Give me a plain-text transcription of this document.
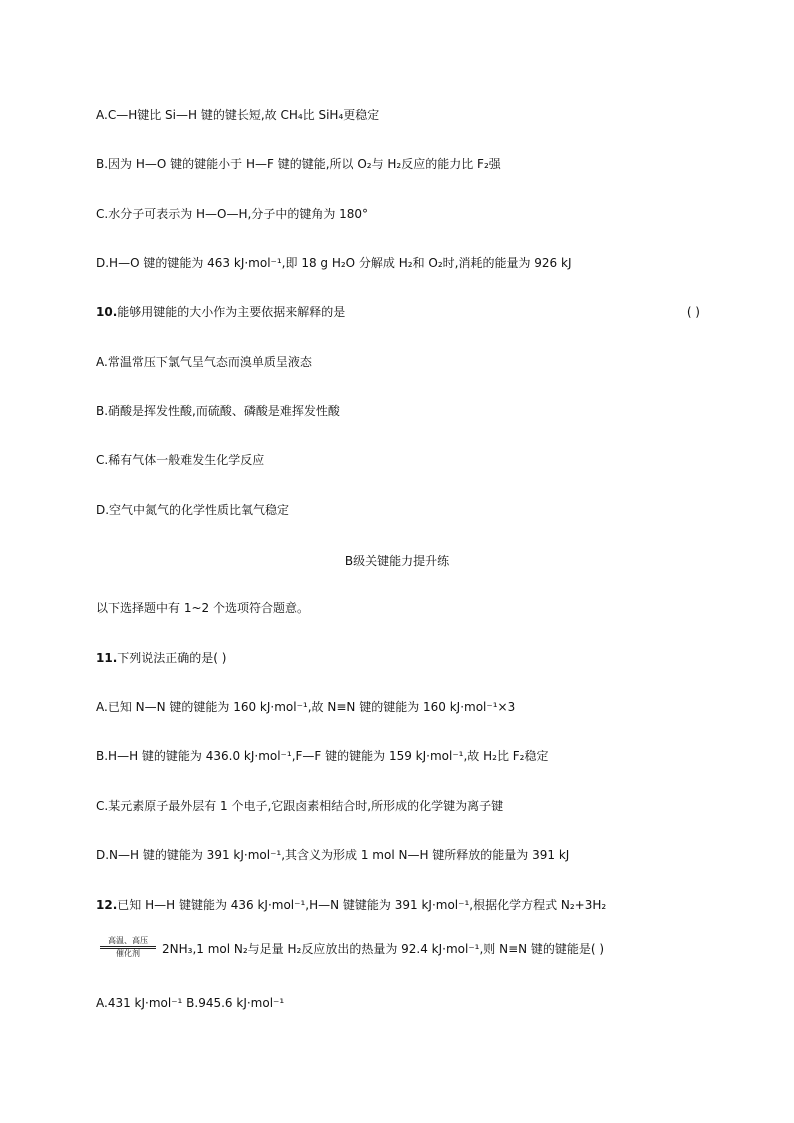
A.C—H键比 Si—H 键的键长短,故 CH₄比 SiH₄更稳定
B.因为 H—O 键的键能小于 H—F 键的键能,所以 O₂与 H₂反应的能力比 F₂强
C.水分子可表示为 H—O—H,分子中的键角为 180°
D.H—O 键的键能为 463 kJ·mol⁻¹,即 18 g H₂O 分解成 H₂和 O₂时,消耗的能量为 926 kJ
10.能够用键能的大小作为主要依据来解释的是	( )
A.常温常压下氯气呈气态而溴单质呈液态
B.硝酸是挥发性酸,而硫酸、磷酸是难挥发性酸
C.稀有气体一般难发生化学反应
D.空气中氮气的化学性质比氧气稳定
B级关键能力提升练
以下选择题中有 1~2 个选项符合题意。
11.下列说法正确的是( )
A.已知 N—N 键的键能为 160 kJ·mol⁻¹,故 N≡N 键的键能为 160 kJ·mol⁻¹×3
B.H—H 键的键能为 436.0 kJ·mol⁻¹,F—F 键的键能为 159 kJ·mol⁻¹,故 H₂比 F₂稳定
C.某元素原子最外层有 1 个电子,它跟卤素相结合时,所形成的化学键为离子键
D.N—H 键的键能为 391 kJ·mol⁻¹,其含义为形成 1 mol N—H 键所释放的能量为 391 kJ
12.已知 H—H 键键能为 436 kJ·mol⁻¹,H—N 键键能为 391 kJ·mol⁻¹,根据化学方程式 N₂+3H₂
高温、高压
催化剂	2NH₃,1 mol N₂与足量 H₂反应放出的热量为 92.4 kJ·mol⁻¹,则 N≡N 键的键能是( )
A.431 kJ·mol⁻¹ B.945.6 kJ·mol⁻¹
